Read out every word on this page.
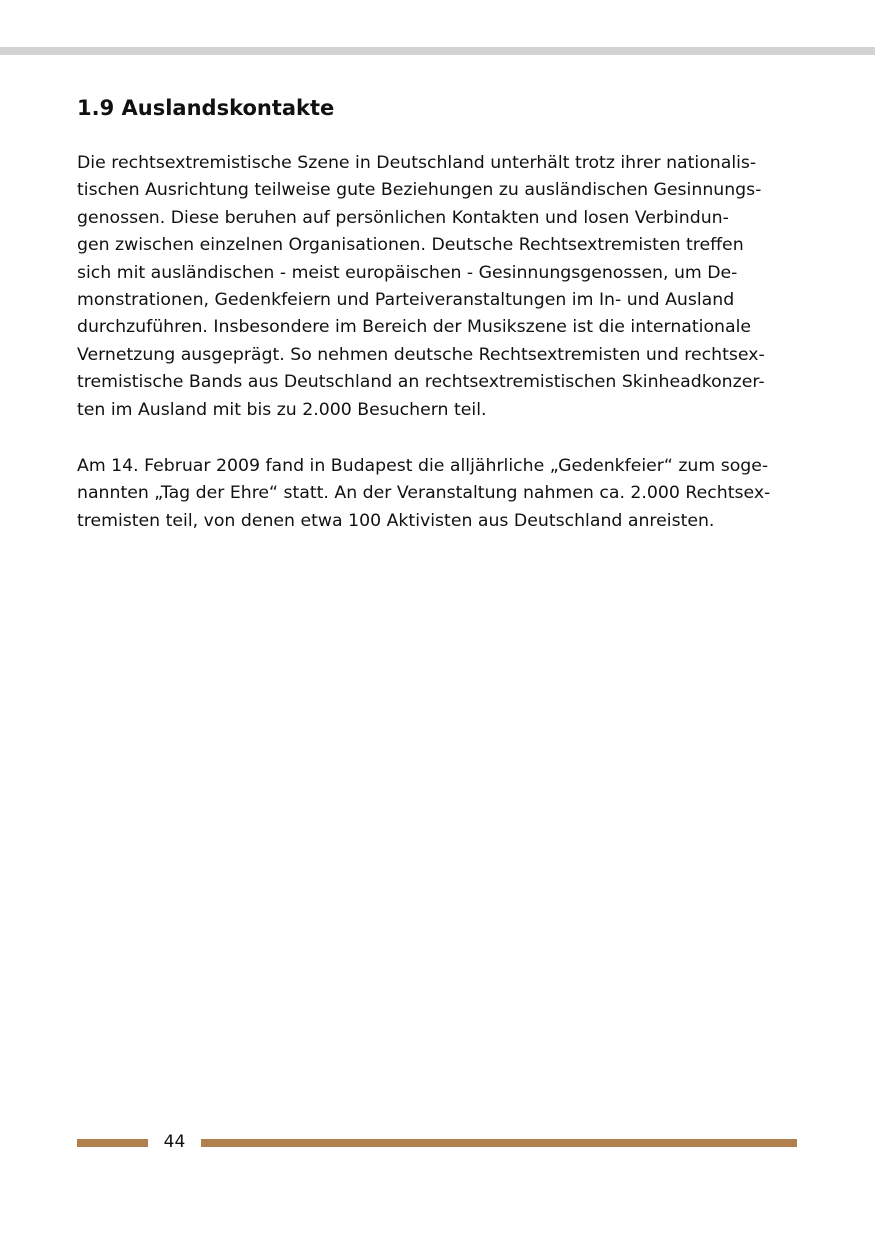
1.9 Auslandskontakte

Die rechtsextremistische Szene in Deutschland unterhält trotz ihrer nationalis-
tischen Ausrichtung teilweise gute Beziehungen zu ausländischen Gesinnungs-
genossen. Diese beruhen auf persönlichen Kontakten und losen Verbindun-
gen zwischen einzelnen Organisationen. Deutsche Rechtsextremisten treffen
sich mit ausländischen - meist europäischen - Gesinnungsgenossen, um De-
monstrationen, Gedenkfeiern und Parteiveranstaltungen im In- und Ausland
durchzuführen. Insbesondere im Bereich der Musikszene ist die internationale
Vernetzung ausgeprägt. So nehmen deutsche Rechtsextremisten und rechtsex-
tremistische Bands aus Deutschland an rechtsextremistischen Skinheadkonzer-
ten im Ausland mit bis zu 2.000 Besuchern teil.

Am 14. Februar 2009 fand in Budapest die alljährliche „Gedenkfeier“ zum soge-
nannten „Tag der Ehre“ statt. An der Veranstaltung nahmen ca. 2.000 Rechtsex-
tremisten teil, von denen etwa 100 Aktivisten aus Deutschland anreisten.

44
